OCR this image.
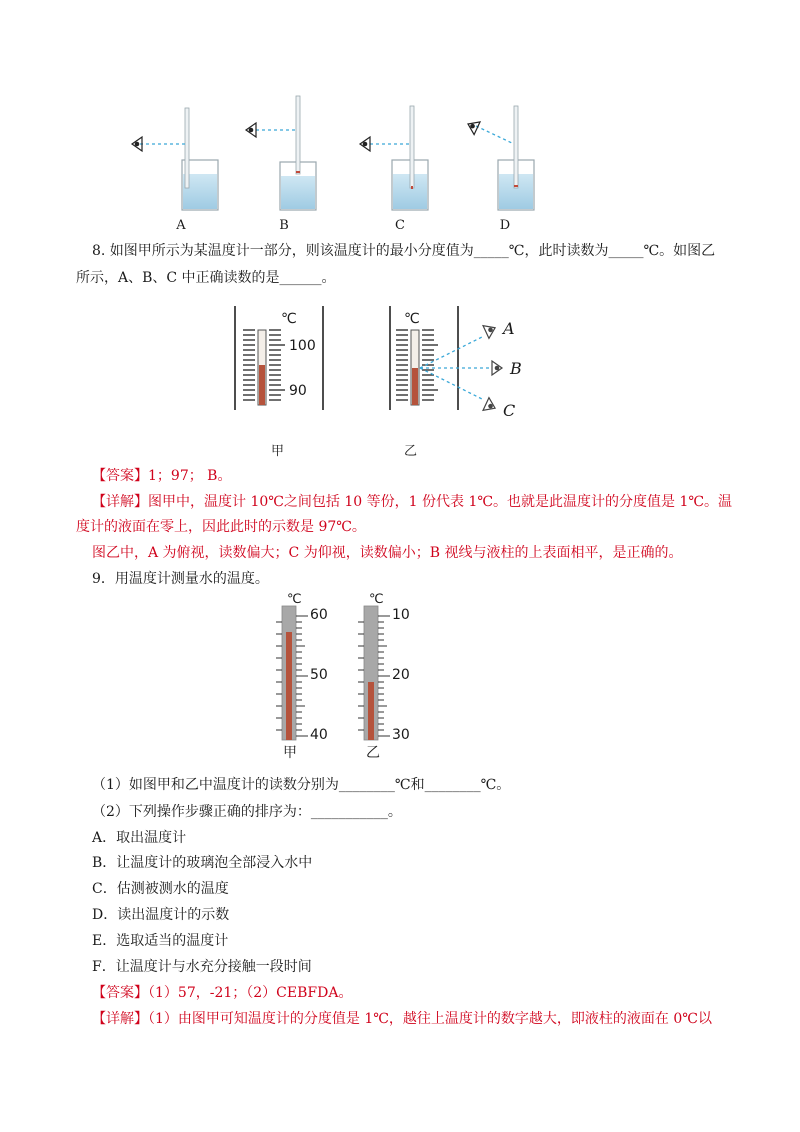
A	B	C	D
8. 如图甲所示为某温度计一部分，则该温度计的最小分度值为_____℃，此时读数为_____℃。如图乙
所示，A、B、C 中正确读数的是______。
℃
100
90
甲
℃	A
B
C
乙
【答案】1；97； B。
【详解】图甲中，温度计 10℃之间包括 10 等份，1 份代表 1℃。也就是此温度计的分度值是 1℃。温
度计的液面在零上，因此此时的示数是 97℃。
图乙中，A 为俯视，读数偏大；C 为仰视，读数偏小；B 视线与液柱的上表面相平，是正确的。
9．用温度计测量水的温度。
℃
60
50
40
甲
℃
10
20
30
乙
（1）如图甲和乙中温度计的读数分别为________℃和________℃。
（2）下列操作步骤正确的排序为：___________。
A．取出温度计
B．让温度计的玻璃泡全部浸入水中
C．估测被测水的温度
D．读出温度计的示数
E．选取适当的温度计
F．让温度计与水充分接触一段时间
【答案】（1）57，-21；（2）CEBFDA。
【详解】（1）由图甲可知温度计的分度值是 1℃，越往上温度计的数字越大，即液柱的液面在 0℃以
